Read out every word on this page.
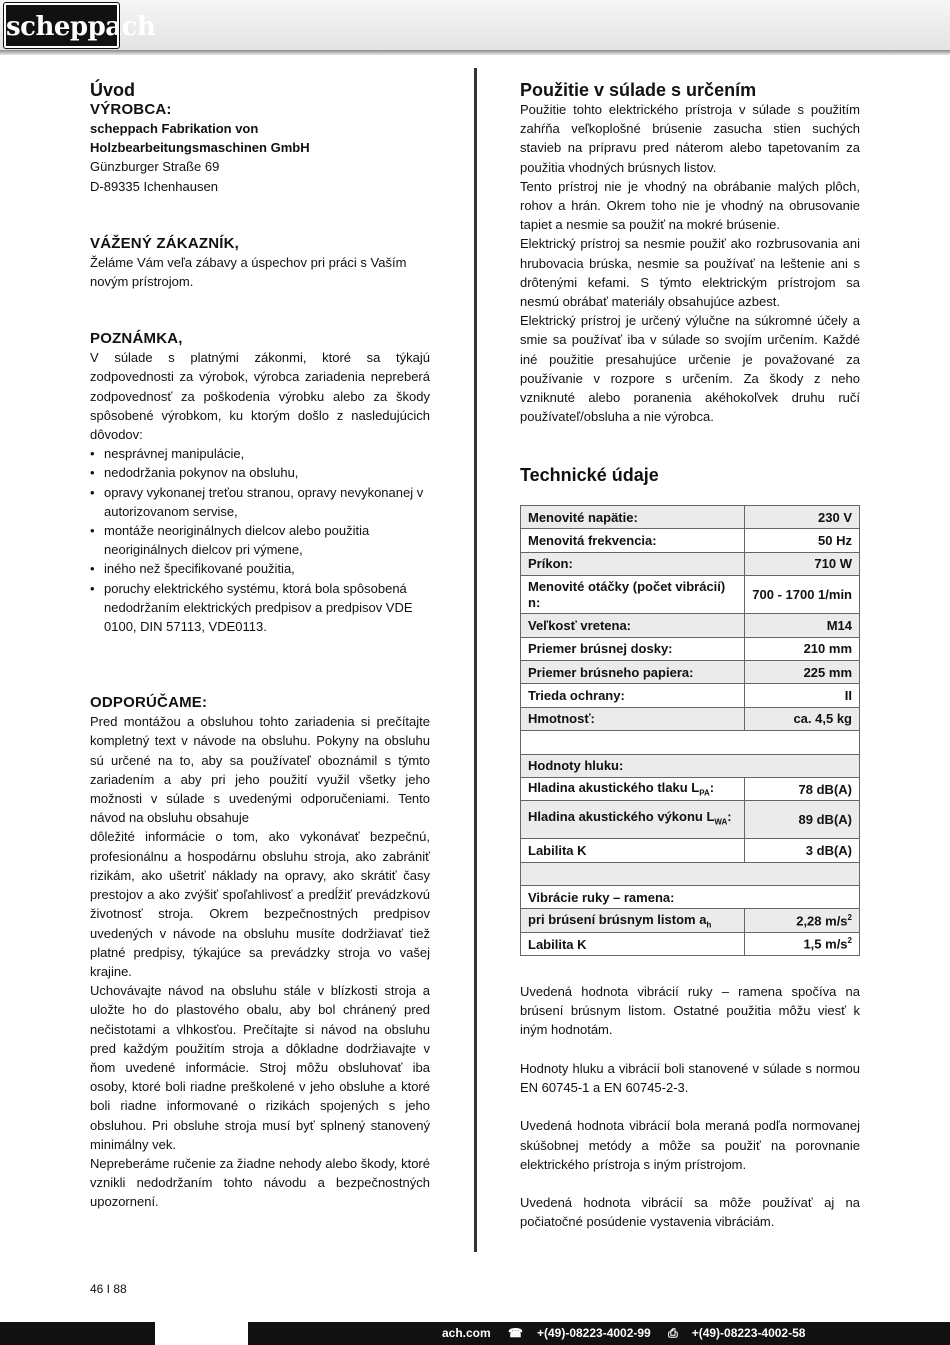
scheppach
Úvod
VÝROBCA:
scheppach Fabrikation von
Holzbearbeitungsmaschinen GmbH
Günzburger Straße 69
D-89335 Ichenhausen
VÁŽENÝ ZÁKAZNÍK,

Želáme Vám veľa zábavy a úspechov pri práci s Vaším novým prístrojom.

POZNÁMKA,

V súlade s platnými zákonmi, ktoré sa týkajú zodpovednosti za výrobok, výrobca zariadenia nepreberá zodpovednosť za poškodenia výrobku alebo za škody spôsobené výrobkom, ku ktorým došlo z nasledujúcich dôvodov:

• nesprávnej manipulácie,
• nedodržania pokynov na obsluhu,
• opravy vykonanej treťou stranou, opravy nevykonanej v autorizovanom servise,
• montáže neoriginálnych dielcov alebo použitia neoriginálnych dielcov pri výmene,
• iného než špecifikované použitia,
• poruchy elektrického systému, ktorá bola spôsobená nedodržaním elektrických predpisov a predpisov VDE 0100, DIN 57113, VDE0113.
ODPORÚČAME:

Pred montážou a obsluhou tohto zariadenia si prečítajte kompletný text v návode na obsluhu. Pokyny na obsluhu sú určené na to, aby sa používateľ oboznámil s týmto zariadením a aby pri jeho použití využil všetky jeho možnosti v súlade s uvedenými odporučeniami. Tento návod na obsluhu obsahuje

dôležité informácie o tom, ako vykonávať bezpečnú, profesionálnu a hospodárnu obsluhu stroja, ako zabrániť rizikám, ako ušetriť náklady na opravy, ako skrátiť časy prestojov a ako zvýšiť spoľahlivosť a predĺžiť prevádzkovú životnosť stroja. Okrem bezpečnostných predpisov uvedených v návode na obsluhu musíte dodržiavať tiež platné predpisy, týkajúce sa prevádzky stroja vo vašej krajine.

Uchovávajte návod na obsluhu stále v blízkosti stroja a uložte ho do plastového obalu, aby bol chránený pred nečistotami a vlhkosťou. Prečítajte si návod na obsluhu pred každým použitím stroja a dôkladne dodržiavajte v ňom uvedené informácie. Stroj môžu obsluhovať iba osoby, ktoré boli riadne preškolené v jeho obsluhe a ktoré boli riadne informované o rizikách spojených s jeho obsluhou. Pri obsluhe stroja musí byť splnený stanovený minimálny vek.

Nepreberáme ručenie za žiadne nehody alebo škody, ktoré vznikli nedodržaním tohto návodu a bezpečnostných upozornení.

Použitie v súlade s určením

Použitie tohto elektrického prístroja v súlade s použitím zahŕňa veľkoplošné brúsenie zasucha stien suchých stavieb na prípravu pred náterom alebo tapetovaním za použitia vhodných brúsnych listov.

Tento prístroj nie je vhodný na obrábanie malých plôch, rohov a hrán. Okrem toho nie je vhodný na obrusovanie tapiet a nesmie sa použiť na mokré brúsenie.

Elektrický prístroj sa nesmie použiť ako rozbrusovania ani hrubovacia brúska, nesmie sa používať na leštenie ani s drôtenými kefami. S týmto elektrickým prístrojom sa nesmú obrábať materiály obsahujúce azbest.

Elektrický prístroj je určený výlučne na súkromné účely a smie sa používať iba v súlade so svojím určením. Každé iné použitie presahujúce určenie je považované za používanie v rozpore s určením. Za škody z neho vzniknuté alebo poranenia akéhokoľvek druhu ručí používateľ/obsluha a nie výrobca.

Technické údaje
Menovité napätie:	230 V
Menovitá frekvencia:	50 Hz
Príkon:	710 W
Menovité otáčky (počet vibrácií) n:	700 - 1700 1/min
Veľkosť vretena:	M14
Priemer brúsnej dosky:	210 mm
Priemer brúsneho papiera:	225 mm
Trieda ochrany:	II
Hmotnosť:	ca. 4,5 kg

Hodnoty hluku:	
Hladina akustického tlaku $L_{PA}$:	78 dB(A)
Hladina akustického výkonu $L_{WA}$:	89 dB(A)
Labilita K	3 dB(A)

Vibrácie ruky – ramena:	
pri brúsení brúsnym listom $a_h$	2,28 $m/s^2$
Labilita K	1,5 $m/s^2$

Uvedená hodnota vibrácií ruky – ramena spočíva na brúsení brúsnym listom. Ostatné použitia môžu viesť k iným hodnotám.

Hodnoty hluku a vibrácií boli stanovené v súlade s normou EN 60745-1 a EN 60745-2-3.

Uvedená hodnota vibrácií bola meraná podľa normovanej skúšobnej metódy a môže sa použiť na porovnanie elektrického prístroja s iným prístrojom.

Uvedená hodnota vibrácií sa môže používať aj na počiatočné posúdenie vystavenia vibráciám.

46 I 88
ach.com ☎ +(49)-08223-4002-99 ⎙ +(49)-08223-4002-58
